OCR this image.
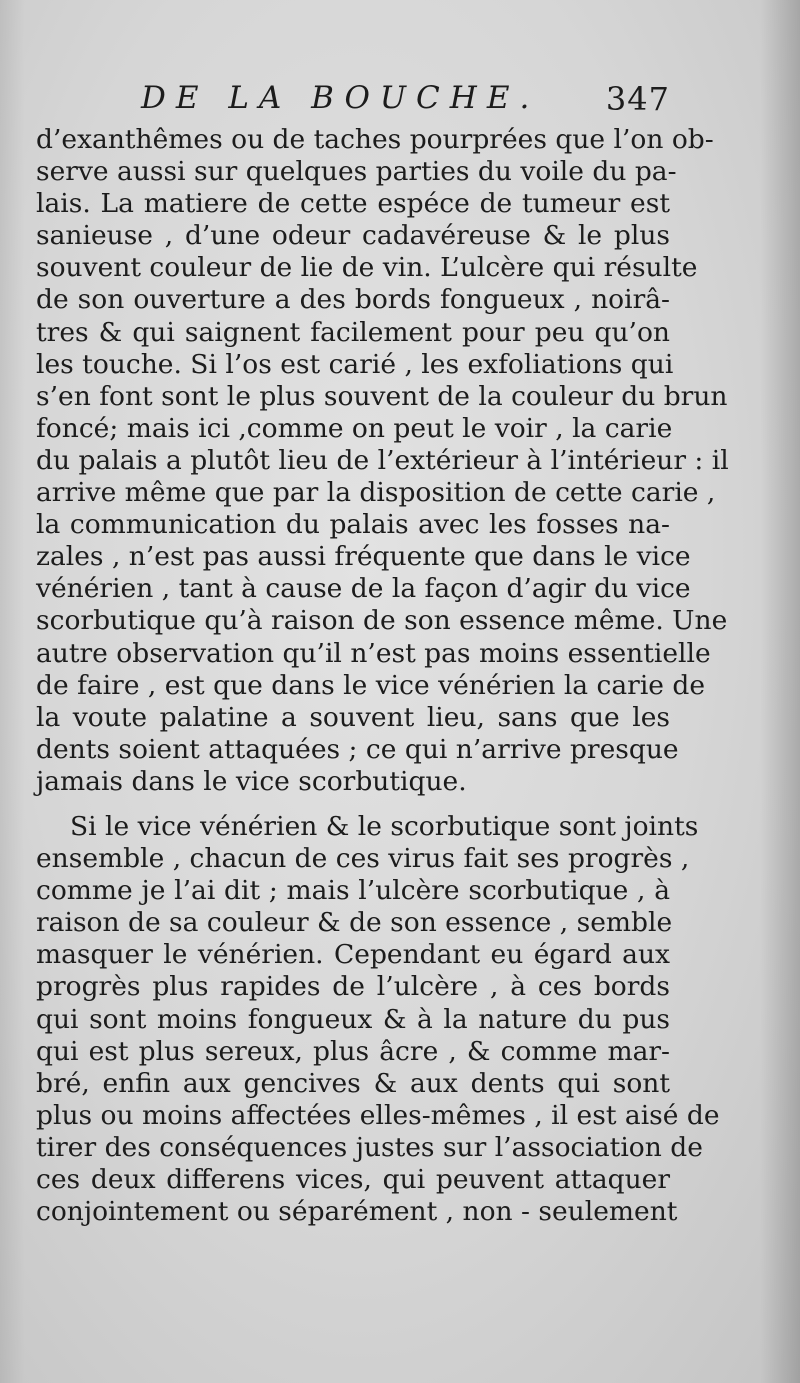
DE LA BOUCHE. 347
d’exanthêmes ou de taches pourprées que l’on ob-
serve aussi sur quelques parties du voile du pa-
lais. La matiere de cette espéce de tumeur est
sanieuse , d’une odeur cadavéreuse & le plus
souvent couleur de lie de vin. L’ulcère qui résulte
de son ouverture a des bords fongueux , noirâ-
tres & qui saignent facilement pour peu qu’on
les touche. Si l’os est carié , les exfoliations qui
s’en font sont le plus souvent de la couleur du brun
foncé; mais ici ,comme on peut le voir , la carie
du palais a plutôt lieu de l’extérieur à l’intérieur : il
arrive même que par la disposition de cette carie ,
la communication du palais avec les fosses na-
zales , n’est pas aussi fréquente que dans le vice
vénérien , tant à cause de la façon d’agir du vice
scorbutique qu’à raison de son essence même. Une
autre observation qu’il n’est pas moins essentielle
de faire , est que dans le vice vénérien la carie de
la voute palatine a souvent lieu, sans que les
dents soient attaquées ; ce qui n’arrive presque
jamais dans le vice scorbutique.
Si le vice vénérien & le scorbutique sont joints
ensemble , chacun de ces virus fait ses progrès ,
comme je l’ai dit ; mais l’ulcère scorbutique , à
raison de sa couleur & de son essence , semble
masquer le vénérien. Cependant eu égard aux
progrès plus rapides de l’ulcère , à ces bords
qui sont moins fongueux & à la nature du pus
qui est plus sereux, plus âcre , & comme mar-
bré, enfin aux gencives & aux dents qui sont
plus ou moins affectées elles-mêmes , il est aisé de
tirer des conséquences justes sur l’association de
ces deux differens vices, qui peuvent attaquer
conjointement ou séparément , non - seulement
